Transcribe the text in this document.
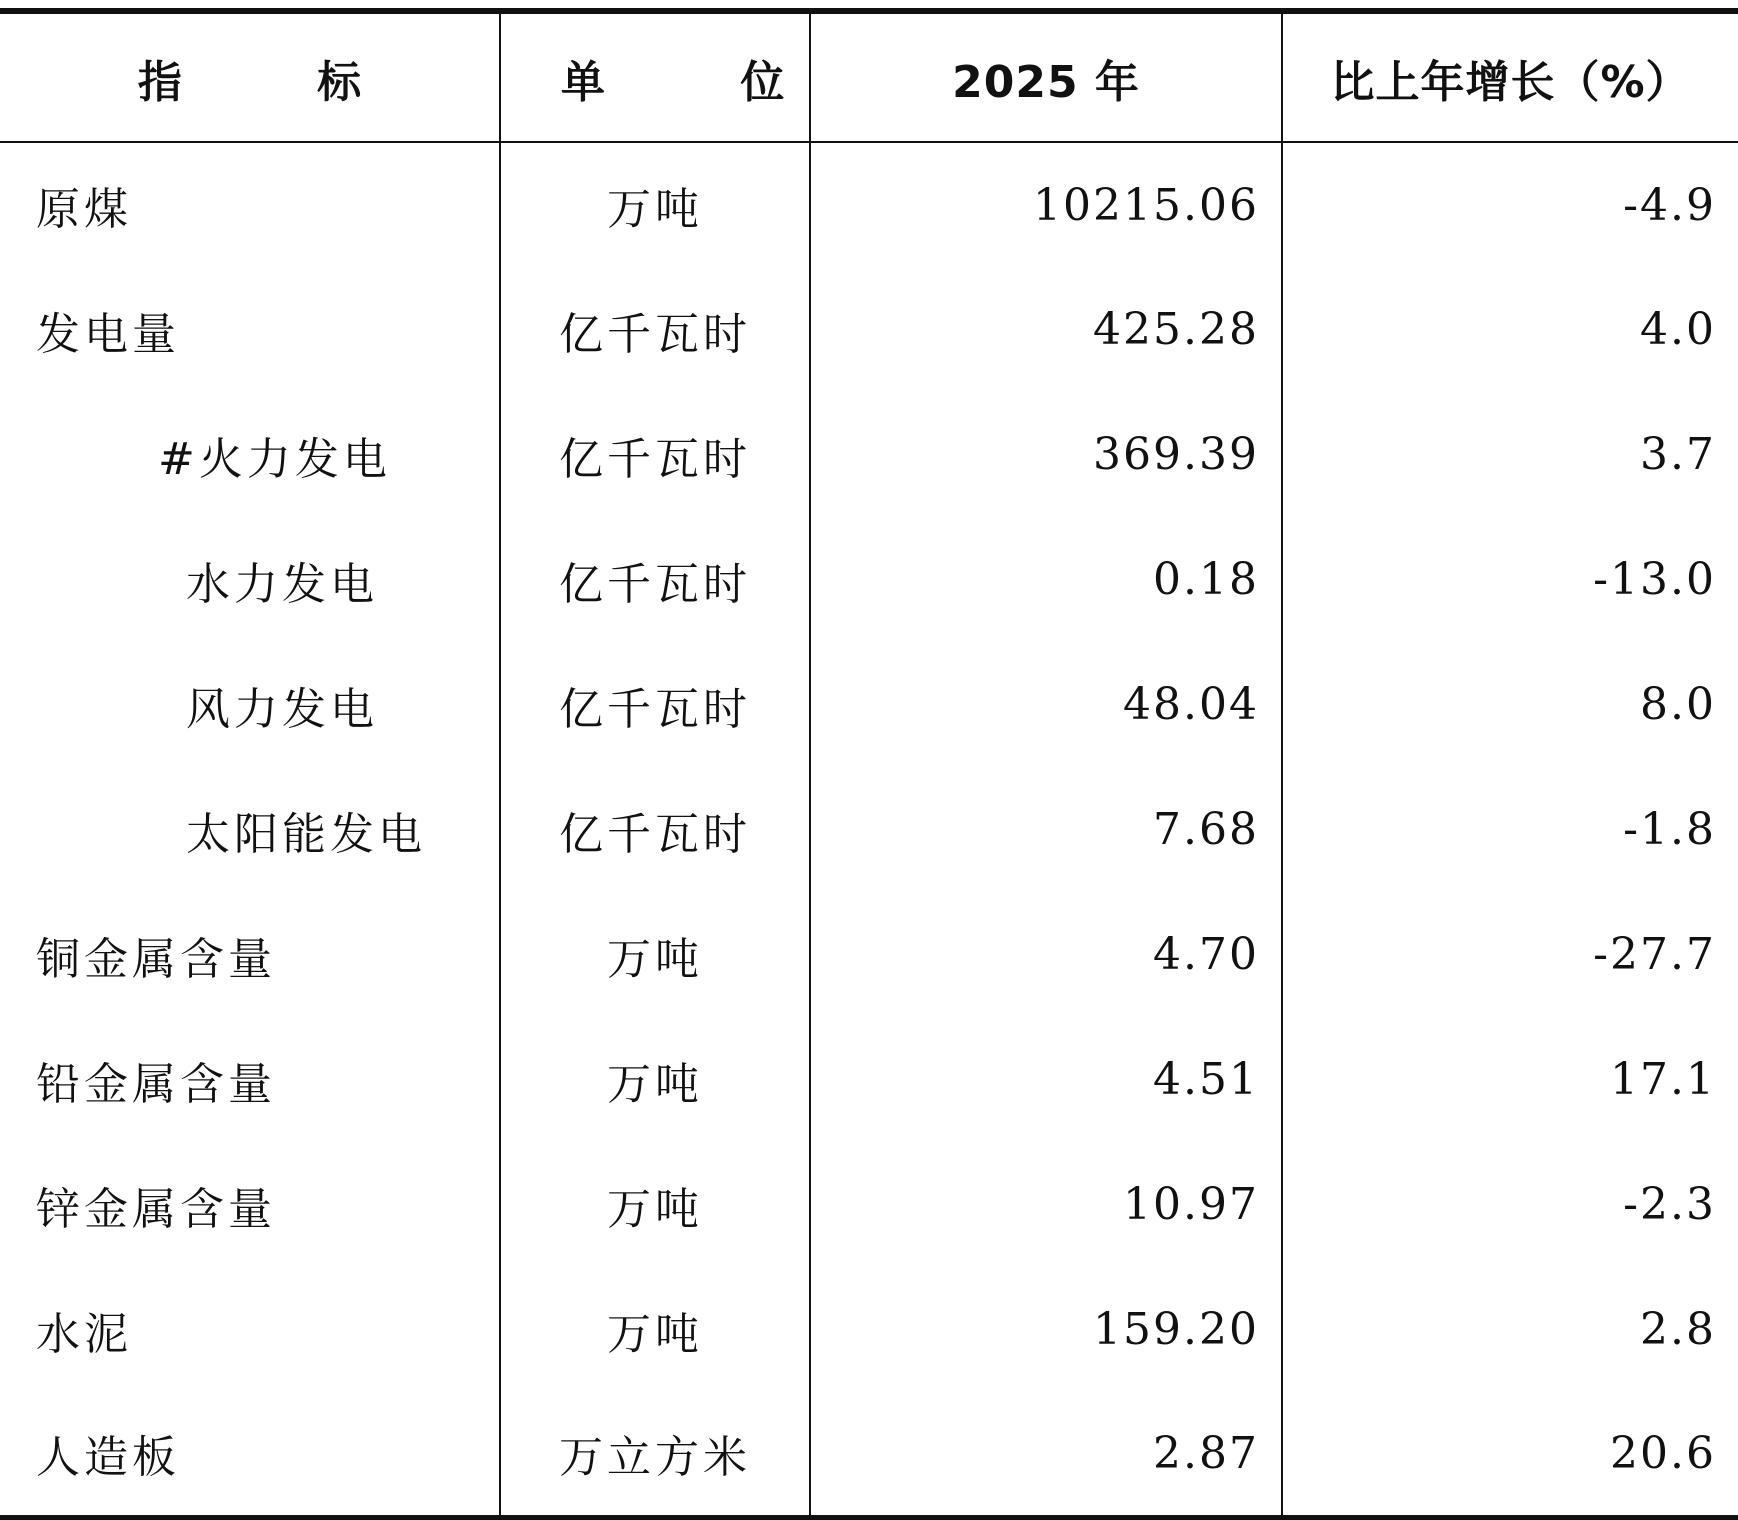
指 标	单 位	2025 年	比上年增长（%）
原煤	万吨	10215.06	-4.9
发电量	亿千瓦时	425.28	4.0
#火力发电	亿千瓦时	369.39	3.7
水力发电	亿千瓦时	0.18	-13.0
风力发电	亿千瓦时	48.04	8.0
太阳能发电	亿千瓦时	7.68	-1.8
铜金属含量	万吨	4.70	-27.7
铅金属含量	万吨	4.51	17.1
锌金属含量	万吨	10.97	-2.3
水泥	万吨	159.20	2.8
人造板	万立方米	2.87	20.6
